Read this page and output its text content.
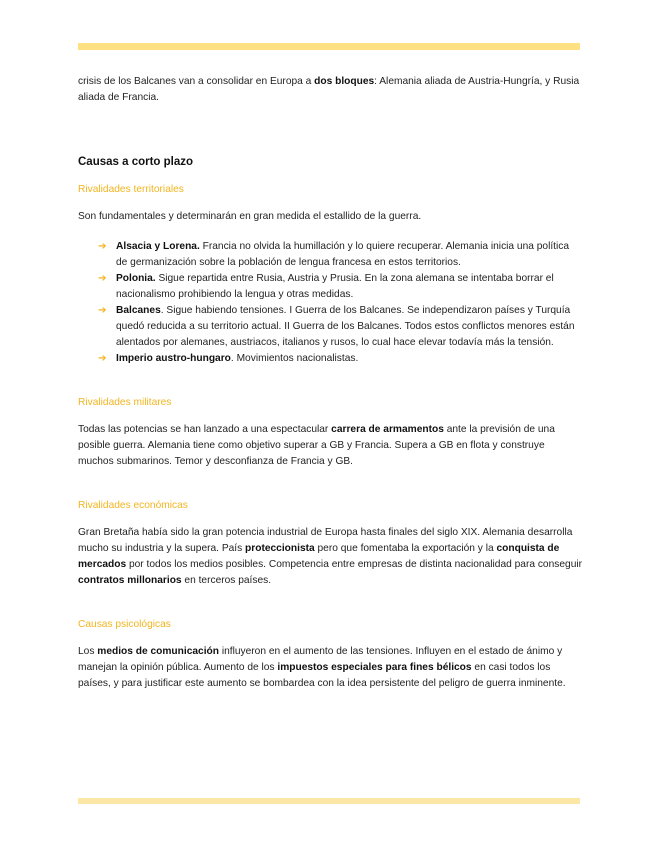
crisis de los Balcanes van a consolidar en Europa a dos bloques: Alemania aliada de Austria-Hungría, y Rusia aliada de Francia.

Causas a corto plazo
Rivalidades territoriales

Son fundamentales y determinarán en gran medida el estallido de la guerra.

➔ Alsacia y Lorena. Francia no olvida la humillación y lo quiere recuperar. Alemania inicia una política de germanización sobre la población de lengua francesa en estos territorios.
➔ Polonia. Sigue repartida entre Rusia, Austria y Prusia. En la zona alemana se intentaba borrar el nacionalismo prohibiendo la lengua y otras medidas.
➔ Balcanes. Sigue habiendo tensiones. I Guerra de los Balcanes. Se independizaron países y Turquía quedó reducida a su territorio actual. II Guerra de los Balcanes. Todos estos conflictos menores están alentados por alemanes, austriacos, italianos y rusos, lo cual hace elevar todavía más la tensión.
➔ Imperio austro-hungaro. Movimientos nacionalistas.
Rivalidades militares

Todas las potencias se han lanzado a una espectacular carrera de armamentos ante la previsión de una posible guerra. Alemania tiene como objetivo superar a GB y Francia. Supera a GB en flota y construye muchos submarinos. Temor y desconfianza de Francia y GB.

Rivalidades económicas

Gran Bretaña había sido la gran potencia industrial de Europa hasta finales del siglo XIX. Alemania desarrolla mucho su industria y la supera. País proteccionista pero que fomentaba la exportación y la conquista de mercados por todos los medios posibles. Competencia entre empresas de distinta nacionalidad para conseguir contratos millonarios en terceros países.

Causas psicológicas

Los medios de comunicación influyeron en el aumento de las tensiones. Influyen en el estado de ánimo y manejan la opinión pública. Aumento de los impuestos especiales para fines bélicos en casi todos los países, y para justificar este aumento se bombardea con la idea persistente del peligro de guerra inminente.
